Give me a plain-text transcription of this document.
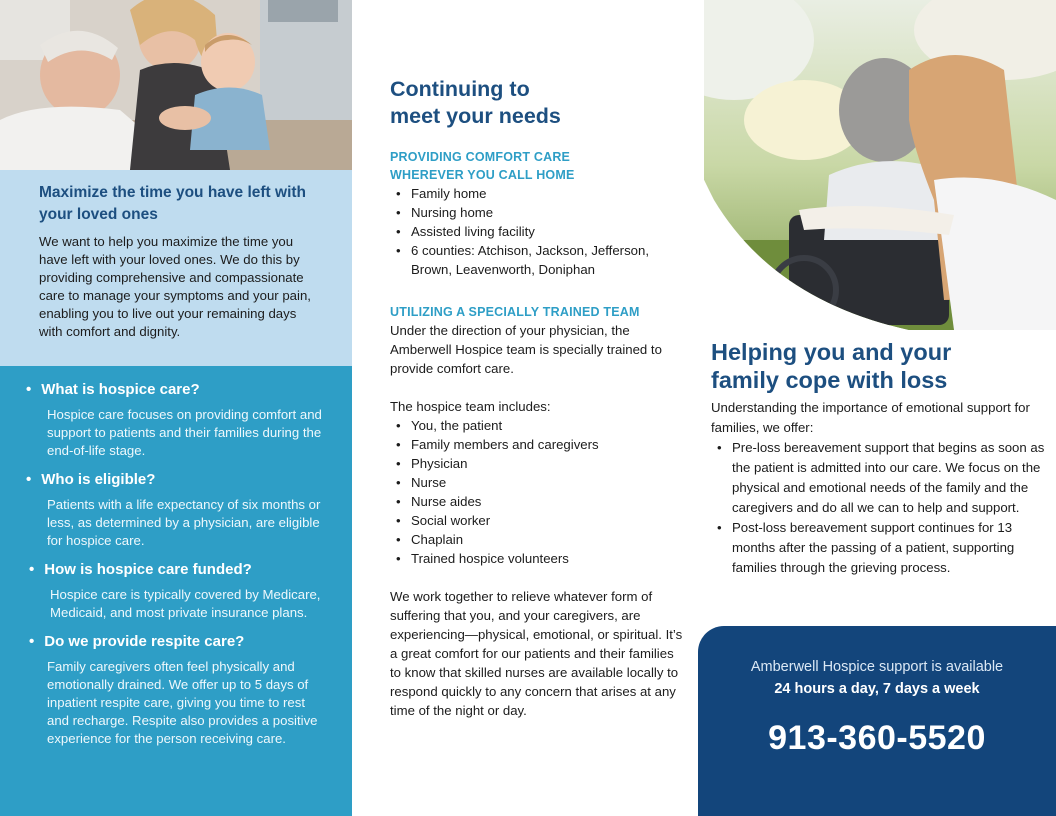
Maximize the time you have left with your loved ones
We want to help you maximize the time you have left with your loved ones. We do this by providing comprehensive and compassionate care to manage your symptoms and your pain, enabling you to live out your remaining days with comfort and dignity.
• What is hospice care?
Hospice care focuses on providing comfort and support to patients and their families during the end-of-life stage.
• Who is eligible?
Patients with a life expectancy of six months or less, as determined by a physician, are eligible for hospice care.
• How is hospice care funded?
Hospice care is typically covered by Medicare, Medicaid, and most private insurance plans.
• Do we provide respite care?
Family caregivers often feel physically and emotionally drained. We offer up to 5 days of inpatient respite care, giving you time to rest and recharge. Respite also provides a positive experience for the person receiving care.
Continuing to
meet your needs
PROVIDING COMFORT CARE
WHEREVER YOU CALL HOME
• Family home
• Nursing home
• Assisted living facility
• 6 counties: Atchison, Jackson, Jefferson, Brown, Leavenworth, Doniphan
UTILIZING A SPECIALLY TRAINED TEAM

Under the direction of your physician, the Amberwell Hospice team is specially trained to provide comfort care.

The hospice team includes:

• You, the patient
• Family members and caregivers
• Physician
• Nurse
• Nurse aides
• Social worker
• Chaplain
• Trained hospice volunteers

We work together to relieve whatever form of suffering that you, and your caregivers, are experiencing—physical, emotional, or spiritual. It’s a great comfort for our patients and their families to know that skilled nurses are available locally to respond quickly to any concern that arises at any time of the night or day.

Helping you and your
family cope with loss

Understanding the importance of emotional support for families, we offer:

• Pre-loss bereavement support that begins as soon as the patient is admitted into our care. We focus on the physical and emotional needs of the family and the caregivers and do all we can to help and support.
• Post-loss bereavement support continues for 13 months after the passing of a patient, supporting families through the grieving process.
Amberwell Hospice support is available
24 hours a day, 7 days a week
913-360-5520
